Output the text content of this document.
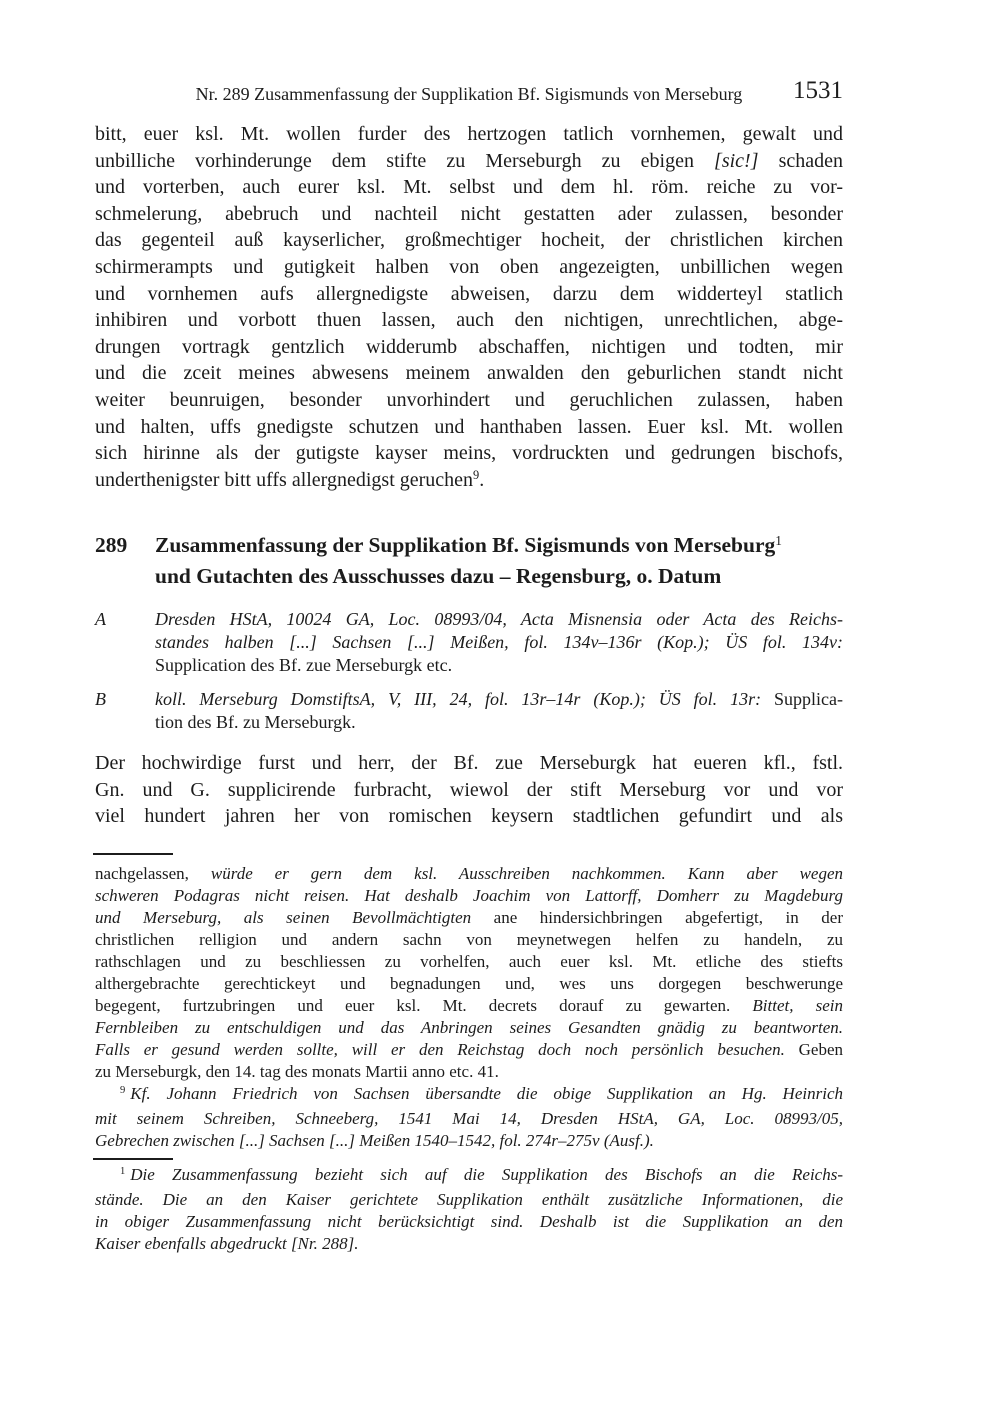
Nr. 289 Zusammenfassung der Supplikation Bf. Sigismunds von Merseburg 1531
bitt, euer ksl. Mt. wollen furder des hertzogen tatlich vornhemen, gewalt und
unbilliche vorhinderunge dem stifte zu Merseburgh zu ebigen [sic!] schaden
und vorterben, auch eurer ksl. Mt. selbst und dem hl. röm. reiche zu vor-
schmelerung, abebruch und nachteil nicht gestatten ader zulassen, besonder
das gegenteil auß kayserlicher, großmechtiger hocheit, der christlichen kirchen
schirmerampts und gutigkeit halben von oben angezeigten, unbillichen wegen
und vornhemen aufs allergnedigste abweisen, darzu dem widderteyl statlich
inhibiren und vorbott thuen lassen, auch den nichtigen, unrechtlichen, abge-
drungen vortragk gentzlich widderumb abschaffen, nichtigen und todten, mir
und die zceit meines abwesens meinem anwalden den geburlichen standt nicht
weiter beunruigen, besonder unvorhindert und geruchlichen zulassen, haben
und halten, uffs gnedigste schutzen und hanthaben lassen. Euer ksl. Mt. wollen
sich hirinne als der gutigste kayser meins, vordruckten und gedrungen bischofs,
underthenigster bitt uffs allergnedigst geruchen$^9$.
289	Zusammenfassung der Supplikation Bf. Sigismunds von Merseburg$^1$
und Gutachten des Ausschusses dazu – Regensburg, o. Datum
A	Dresden HStA, 10024 GA, Loc. 08993/04, Acta Misnensia oder Acta des Reichs-
standes halben [...] Sachsen [...] Meißen, fol. 134v–136r (Kop.); ÜS fol. 134v:
Supplication des Bf. zue Merseburgk etc.
B	koll. Merseburg DomstiftsA, V, III, 24, fol. 13r–14r (Kop.); ÜS fol. 13r: Supplica-
tion des Bf. zu Merseburgk.
Der hochwirdige furst und herr, der Bf. zue Merseburgk hat eueren kfl., fstl.
Gn. und G. supplicirende furbracht, wiewol der stift Merseburg vor und vor
viel hundert jahren her von romischen keysern stadtlichen gefundirt und als
nachgelassen, würde er gern dem ksl. Ausschreiben nachkommen. Kann aber wegen
schweren Podagras nicht reisen. Hat deshalb Joachim von Lattorff, Domherr zu Magdeburg
und Merseburg, als seinen Bevollmächtigten ane hindersichbringen abgefertigt, in der
christlichen relligion und andern sachn von meynetwegen helfen zu handeln, zu
rathschlagen und zu beschliessen zu vorhelfen, auch euer ksl. Mt. etliche des stiefts
althergebrachte gerechtickeyt und begnadungen und, wes uns dorgegen beschwerunge
begegent, furtzubringen und euer ksl. Mt. decrets dorauf zu gewarten. Bittet, sein
Fernbleiben zu entschuldigen und das Anbringen seines Gesandten gnädig zu beantworten.
Falls er gesund werden sollte, will er den Reichstag doch noch persönlich besuchen. Geben
zu Merseburgk, den 14. tag des monats Martii anno etc. 41.
$^9$ Kf. Johann Friedrich von Sachsen übersandte die obige Supplikation an Hg. Heinrich
mit seinem Schreiben, Schneeberg, 1541 Mai 14, Dresden HStA, GA, Loc. 08993/05,
Gebrechen zwischen [...] Sachsen [...] Meißen 1540–1542, fol. 274r–275v (Ausf.).
$^1$ Die Zusammenfassung bezieht sich auf die Supplikation des Bischofs an die Reichs-
stände. Die an den Kaiser gerichtete Supplikation enthält zusätzliche Informationen, die
in obiger Zusammenfassung nicht berücksichtigt sind. Deshalb ist die Supplikation an den
Kaiser ebenfalls abgedruckt [Nr. 288].
